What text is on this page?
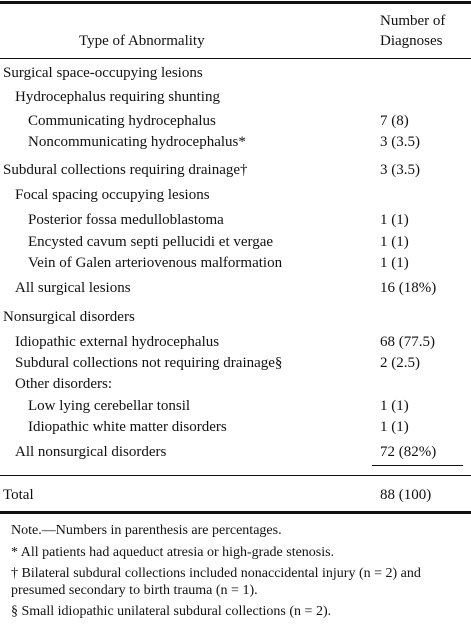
Type of Abnormality
Number of
Diagnoses
Surgical space-occupying lesions
Hydrocephalus requiring shunting
Communicating hydrocephalus	7 (8)
Noncommunicating hydrocephalus*	3 (3.5)
Subdural collections requiring drainage†	3 (3.5)
Focal spacing occupying lesions
Posterior fossa medulloblastoma	1 (1)
Encysted cavum septi pellucidi et vergae	1 (1)
Vein of Galen arteriovenous malformation	1 (1)
All surgical lesions	16 (18%)
Nonsurgical disorders
Idiopathic external hydrocephalus	68 (77.5)
Subdural collections not requiring drainage§	2 (2.5)
Other disorders:
Low lying cerebellar tonsil	1 (1)
Idiopathic white matter disorders	1 (1)
All nonsurgical disorders	72 (82%)
Total	88 (100)
Note.—Numbers in parenthesis are percentages.
* All patients had aqueduct atresia or high-grade stenosis.
† Bilateral subdural collections included nonaccidental injury (n = 2) and presumed secondary to birth trauma (n = 1).
§ Small idiopathic unilateral subdural collections (n = 2).
